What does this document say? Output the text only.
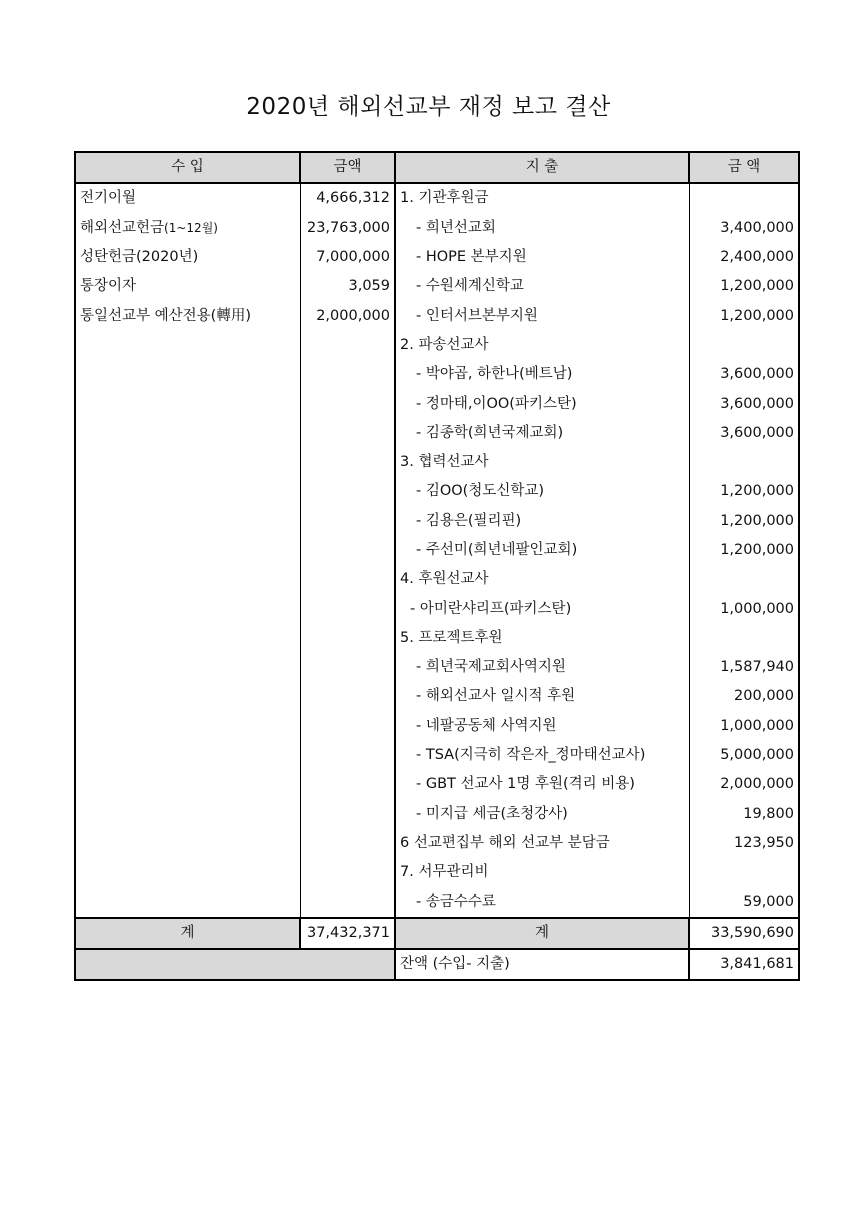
2020년 해외선교부 재정 보고 결산
수 입	금액	지 출	금 액
전기이월	4,666,312	1. 기관후원금	
해외선교헌금(1~12월)	23,763,000	- 희년선교회	3,400,000
성탄헌금(2020년)	7,000,000	- HOPE 본부지원	2,400,000
통장이자	3,059	- 수원세계신학교	1,200,000
통일선교부 예산전용(轉用)	2,000,000	- 인터서브본부지원	1,200,000
		2. 파송선교사	
		- 박야곱, 하한나(베트남)	3,600,000
		- 정마태,이OO(파키스탄)	3,600,000
		- 김종학(희년국제교회)	3,600,000
		3. 협력선교사	
		- 김OO(청도신학교)	1,200,000
		- 김용은(필리핀)	1,200,000
		- 주선미(희년네팔인교회)	1,200,000
		4. 후원선교사	
		- 아미란샤리프(파키스탄)	1,000,000
		5. 프로젝트후원	
		- 희년국제교회사역지원	1,587,940
		- 해외선교사 일시적 후원	200,000
		- 네팔공동체 사역지원	1,000,000
		- TSA(지극히 작은자_정마태선교사)	5,000,000
		- GBT 선교사 1명 후원(격리 비용)	2,000,000
		- 미지급 세금(초청강사)	19,800
		6 선교편집부 해외 선교부 분담금	123,950
		7. 서무관리비	
		- 송금수수료	59,000
계	37,432,371	계	33,590,690
		잔액 (수입- 지출)	3,841,681
